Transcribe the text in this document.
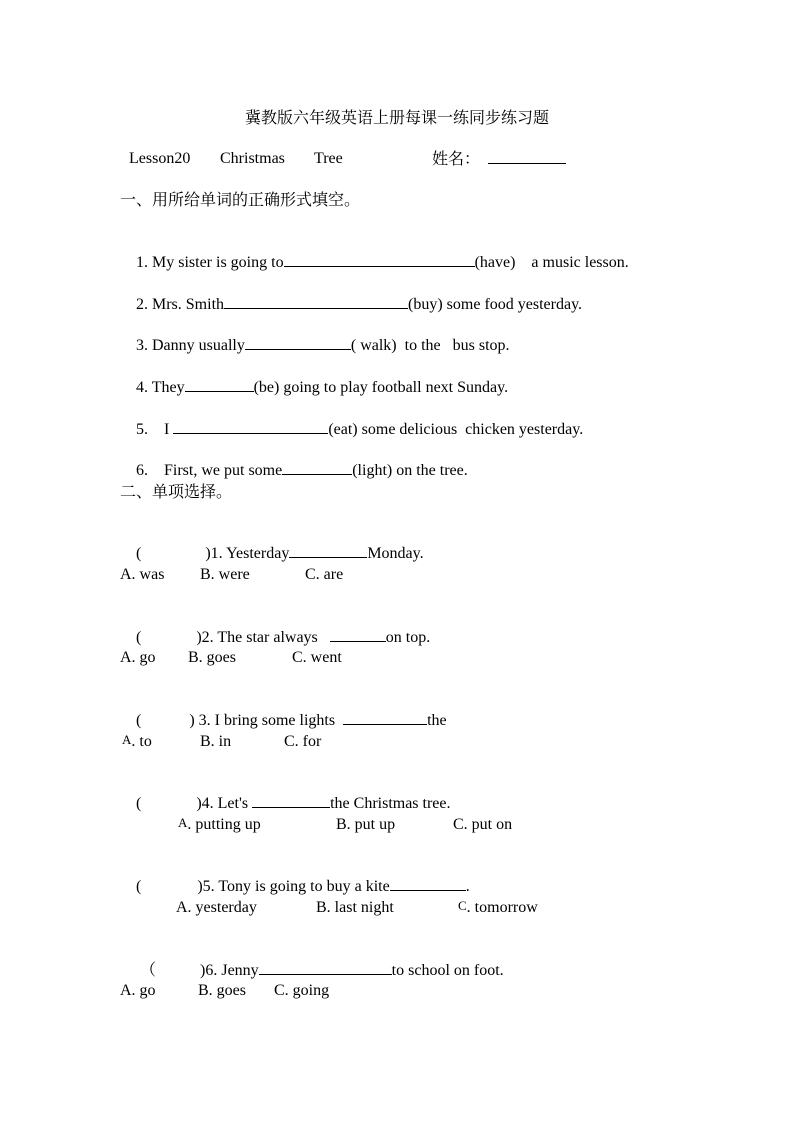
冀教版六年级英语上册每课一练同步练习题
Lesson20 Christmas Tree	姓名：
一、用所给单词的正确形式填空。

1. My sister is going to	(have) a music lesson.

2. Mrs. Smith	(buy) some food yesterday.

3. Danny usually	( walk) to the   bus stop.

4. They	(be) going to play football next Sunday.

5.    I	(eat) some delicious  chicken yesterday.

6.    First, we put some	(light) on the tree.

二、单项选择。

(	)1. Yesterday	Monday.

A. was B. were	C. are

(	)2. The star always	on top.

A. go B. goes	C. went

(	) 3. I bring some lights	the

A. to	B. in	C. for

(	)4. Let's	the Christmas tree.

A. putting up	B. put up	C. put on

(	)5. Tony is going to buy a kite	.

A. yesterday	B. last night	C. tomorrow

（	)6. Jenny	to school on foot.

A. go	B. goes C. going
